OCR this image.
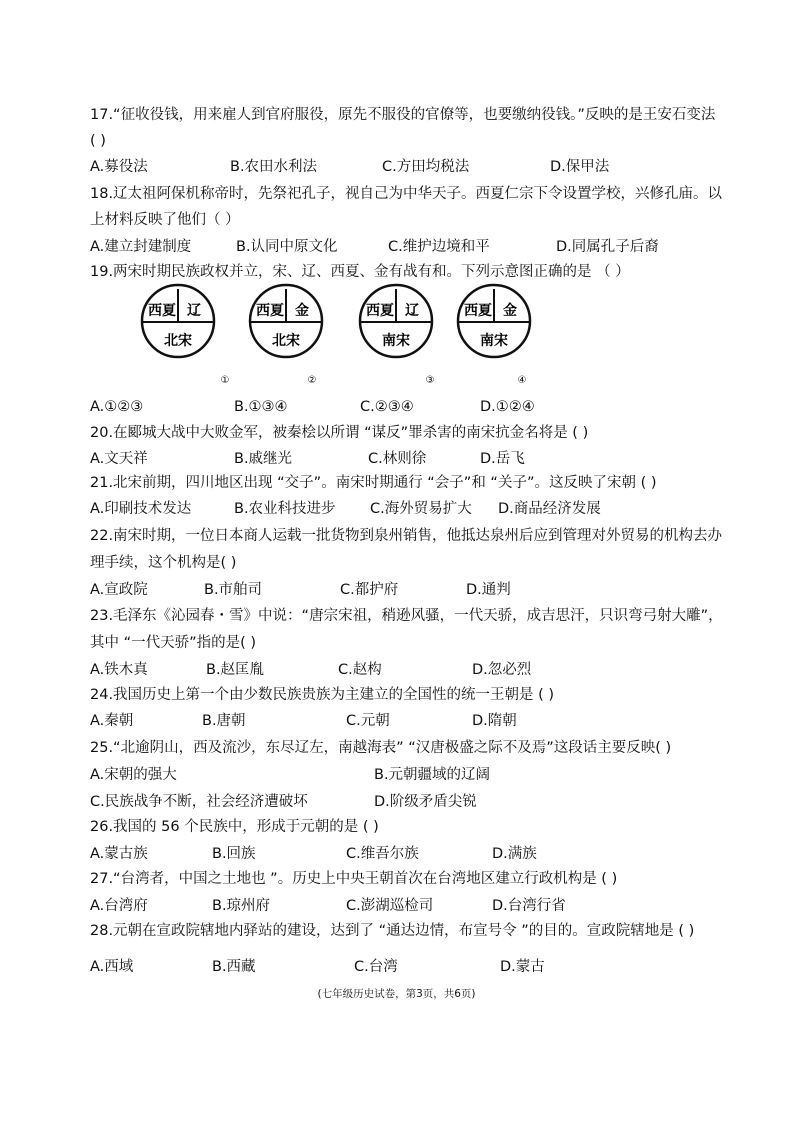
17.“征收役钱，用来雇人到官府服役，原先不服役的官僚等，也要缴纳役钱。”反映的是王安石变法
( )
A.募役法	B.农田水利法	C.方田均税法	D.保甲法
18.辽太祖阿保机称帝时，先祭祀孔子，视自己为中华天子。西夏仁宗下令设置学校，兴修孔庙。以
上材料反映了他们（ ）
A.建立封建制度	B.认同中原文化	C.维护边境和平	D.同属孔子后裔
19.两宋时期民族政权并立，宋、辽、西夏、金有战有和。下列示意图正确的是 （ ）
西夏 辽
北宋
①
西夏 金
北宋
②
西夏 辽
南宋
③
西夏 金
南宋
④
A.①②③	B.①③④	C.②③④	D.①②④
20.在郾城大战中大败金军，被秦桧以所谓 “谋反”罪杀害的南宋抗金名将是 ( )
A.文天祥	B.戚继光	C.林则徐	D.岳飞
21.北宋前期，四川地区出现 “交子”。南宋时期通行 “会子”和 “关子”。这反映了宋朝 ( )
A.印刷技术发达	B.农业科技进步 C.海外贸易扩大 D.商品经济发展
22.南宋时期，一位日本商人运载一批货物到泉州销售，他抵达泉州后应到管理对外贸易的机构去办
理手续，这个机构是( )
A.宣政院	B.市舶司	C.都护府	D.通判
23.毛泽东《沁园春・雪》中说：“唐宗宋祖，稍逊风骚，一代天骄，成吉思汗，只识弯弓射大雕”，
其中 “一代天骄”指的是( )
A.铁木真	B.赵匡胤	C.赵构	D.忽必烈
24.我国历史上第一个由少数民族贵族为主建立的全国性的统一王朝是 ( )
A.秦朝	B.唐朝	C.元朝	D.隋朝
25.“北逾阴山，西及流沙，东尽辽左，南越海表” “汉唐极盛之际不及焉”这段话主要反映( )
A.宋朝的强大	B.元朝疆域的辽阔
C.民族战争不断，社会经济遭破坏	D.阶级矛盾尖锐
26.我国的 56 个民族中，形成于元朝的是 ( )
A.蒙古族	B.回族	C.维吾尔族	D.满族
27.“台湾者，中国之土地也 ”。历史上中央王朝首次在台湾地区建立行政机构是 ( )
A.台湾府	B.琼州府	C.澎湖巡检司	D.台湾行省
28.元朝在宣政院辖地内驿站的建设，达到了 “通达边情，布宣号令 ”的目的。宣政院辖地是 ( )
A.西域	B.西藏	C.台湾	D.蒙古
(七年级历史试卷，第3页，共6页)
